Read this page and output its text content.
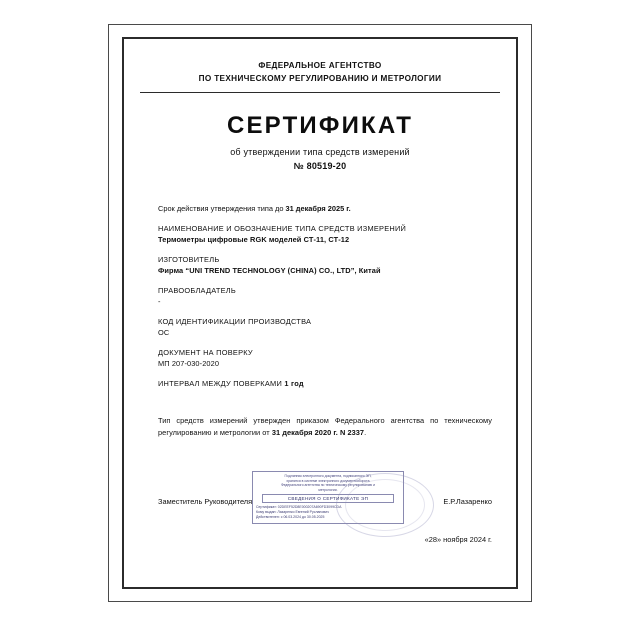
ФЕДЕРАЛЬНОЕ АГЕНТСТВО
ПО ТЕХНИЧЕСКОМУ РЕГУЛИРОВАНИЮ И МЕТРОЛОГИИ
СЕРТИФИКАТ
об утверждении типа средств измерений
№ 80519-20
Срок действия утверждения типа до 31 декабря 2025 г.
НАИМЕНОВАНИЕ И ОБОЗНАЧЕНИЕ ТИПА СРЕДСТВ ИЗМЕРЕНИЙ
Термометры цифровые RGK моделей СТ-11, СТ-12
ИЗГОТОВИТЕЛЬ
Фирма “UNI TREND TECHNOLOGY (CHINA) CO., LTD”, Китай
ПРАВООБЛАДАТЕЛЬ
-
КОД ИДЕНТИФИКАЦИИ ПРОИЗВОДСТВА
ОС
ДОКУМЕНТ НА ПОВЕРКУ
МП 207-030-2020
ИНТЕРВАЛ МЕЖДУ ПОВЕРКАМИ 1 год
Тип средств измерений утвержден приказом Федерального агентства по техническому регулированию и метрологии от 31 декабря 2020 г. N 2337.
Заместитель Руководителя
Подлинник электронного документа, подписанного ЭП,
хранится в системе электронного документооборота
Федерального агентства по техническому регулированию и
метрологии.
СВЕДЕНИЯ О СЕРТИФИКАТЕ ЭП
Сертификат: 02DEEF52D8E000207A690FD3099CDA
Кому выдан: Лазаренко Евгений Русланович
Действителен: с 06.03.2024 до 30.05.2025
Е.Р.Лазаренко
«28» ноября 2024 г.
